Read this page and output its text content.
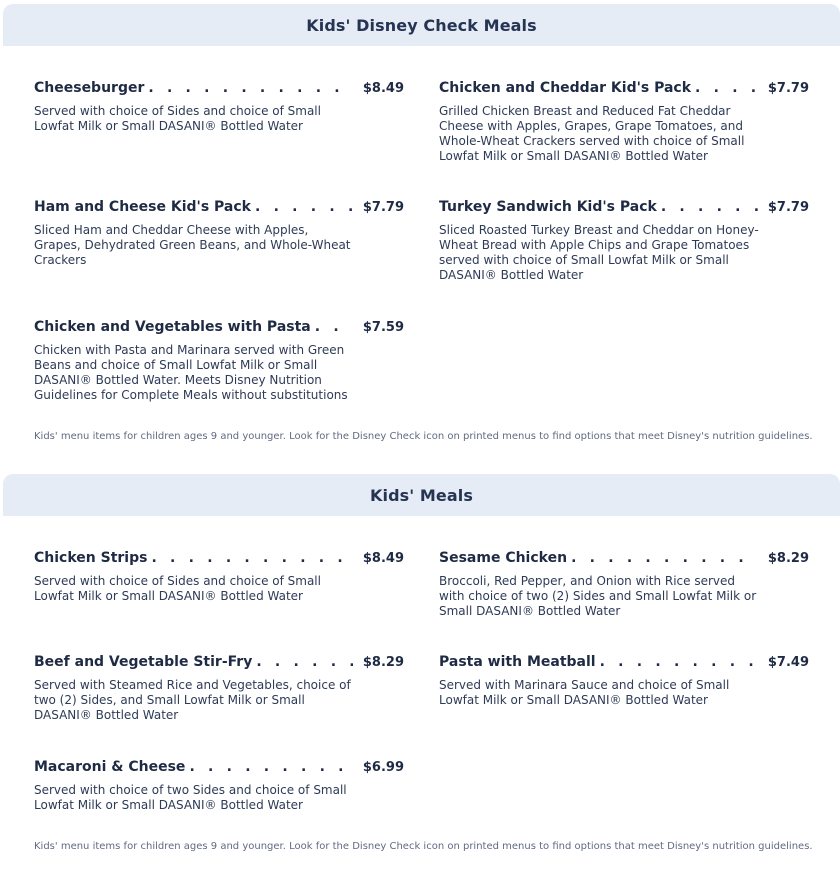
Kids' Disney Check Meals
Cheeseburger . . .	$8.49
Served with choice of Sides and choice of Small Lowfat Milk or Small DASANI® Bottled Water
Chicken and Cheddar Kid's Pack . . .	$7.79
Grilled Chicken Breast and Reduced Fat Cheddar Cheese with Apples, Grapes, Grape Tomatoes, and Whole-Wheat Crackers served with choice of Small Lowfat Milk or Small DASANI® Bottled Water
Ham and Cheese Kid's Pack . . .	$7.79
Sliced Ham and Cheddar Cheese with Apples, Grapes, Dehydrated Green Beans, and Whole-Wheat Crackers
Turkey Sandwich Kid's Pack . . .	$7.79
Sliced Roasted Turkey Breast and Cheddar on Honey-Wheat Bread with Apple Chips and Grape Tomatoes served with choice of Small Lowfat Milk or Small DASANI® Bottled Water
Chicken and Vegetables with Pasta . . .	$7.59
Chicken with Pasta and Marinara served with Green Beans and choice of Small Lowfat Milk or Small DASANI® Bottled Water. Meets Disney Nutrition Guidelines for Complete Meals without substitutions
Kids' menu items for children ages 9 and younger. Look for the Disney Check icon on printed menus to find options that meet Disney's nutrition guidelines.
Kids' Meals
Chicken Strips . . .	$8.49
Served with choice of Sides and choice of Small Lowfat Milk or Small DASANI® Bottled Water
Sesame Chicken . . .	$8.29
Broccoli, Red Pepper, and Onion with Rice served with choice of two (2) Sides and Small Lowfat Milk or Small DASANI® Bottled Water
Beef and Vegetable Stir-Fry . . .	$8.29
Served with Steamed Rice and Vegetables, choice of two (2) Sides, and Small Lowfat Milk or Small DASANI® Bottled Water
Pasta with Meatball . . .	$7.49
Served with Marinara Sauce and choice of Small Lowfat Milk or Small DASANI® Bottled Water
Macaroni & Cheese . . .	$6.99
Served with choice of two Sides and choice of Small Lowfat Milk or Small DASANI® Bottled Water
Kids' menu items for children ages 9 and younger. Look for the Disney Check icon on printed menus to find options that meet Disney's nutrition guidelines.
